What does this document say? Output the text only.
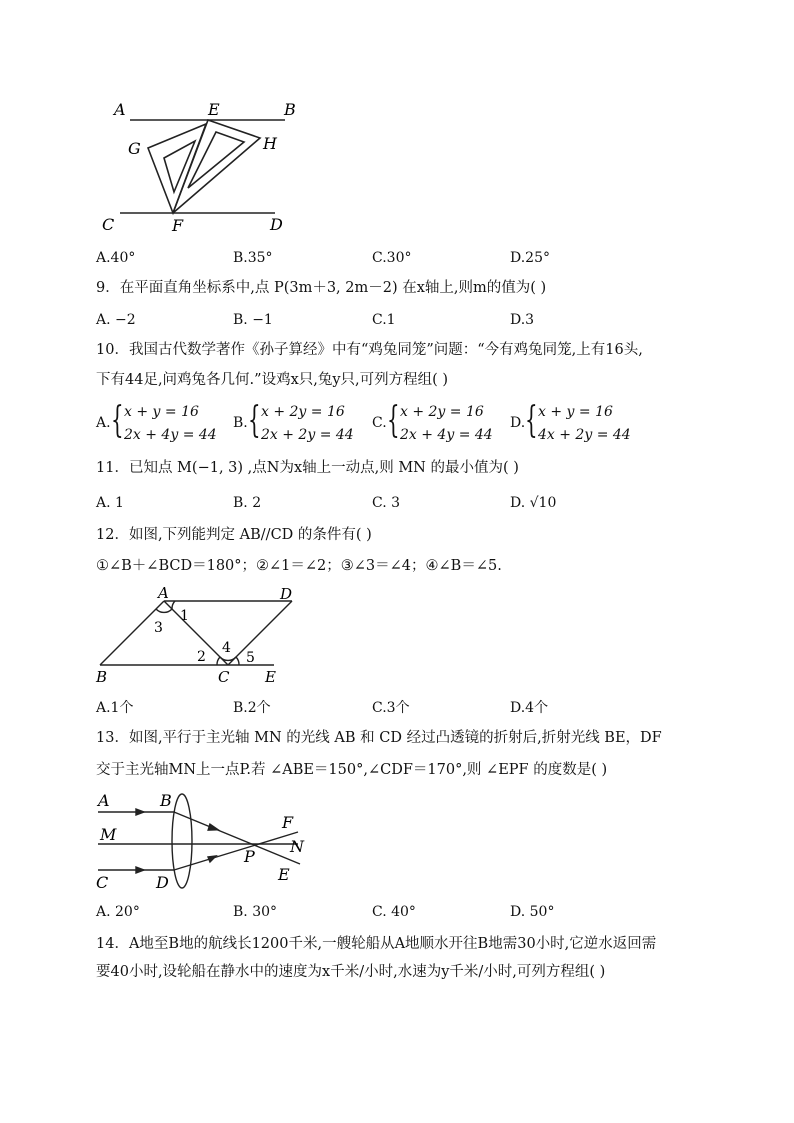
A	E	B
G	H
C	F	D
A.40°	B.35°	C.30°	D.25°
9．在平面直角坐标系中,点 P(3m＋3, 2m－2) 在x轴上,则m的值为( )
A. −2	B. −1	C.1	D.3
10．我国古代数学著作《孙子算经》中有“鸡兔同笼”问题：“今有鸡兔同笼,上有16头,
下有44足,问鸡兔各几何.”设鸡x只,兔y只,可列方程组( )
A. { x + y = 16
2x + 4y = 44
B. { x + 2y = 16
2x + 2y = 44
C. { x + 2y = 16
2x + 4y = 44
D. { x + y = 16
4x + 2y = 44
11．已知点 M(−1, 3) ,点N为x轴上一动点,则 MN 的最小值为( )
A. 1	B. 2	C. 3	D. √10
12．如图,下列能判定 AB//CD 的条件有( )
①∠B＋∠BCD＝180°；②∠1＝∠2；③∠3＝∠4；④∠B＝∠5.
A	D
B	C E
1
3
2
4
5
A.1个	B.2个	C.3个	D.4个
13．如图,平行于主光轴 MN 的光线 AB 和 CD 经过凸透镜的折射后,折射光线 BE，DF
交于主光轴MN上一点P.若 ∠ABE＝150°,∠CDF＝170°,则 ∠EPF 的度数是( )
A	B
M
C	D
F
N
P
E
A. 20°	B. 30°	C. 40°	D. 50°
14．A地至B地的航线长1200千米,一艘轮船从A地顺水开往B地需30小时,它逆水返回需
要40小时,设轮船在静水中的速度为x千米/小时,水速为y千米/小时,可列方程组( )
